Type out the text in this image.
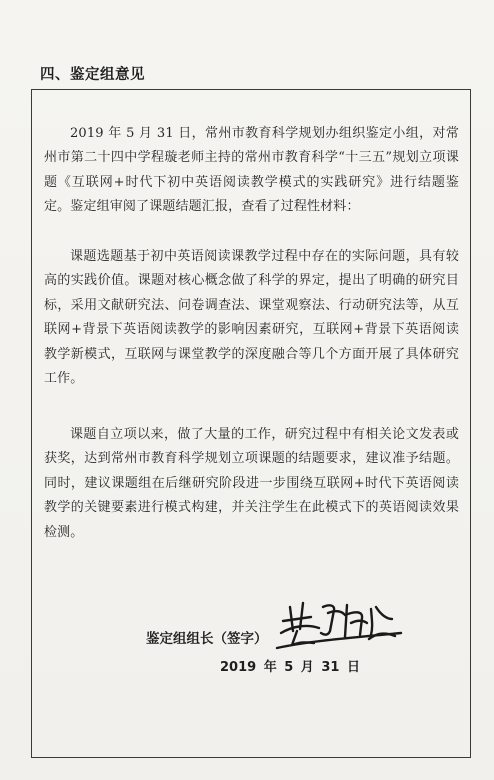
四、鉴定组意见

2019 年 5 月 31 日，常州市教育科学规划办组织鉴定小组，对常州市第二十四中学程璇老师主持的常州市教育科学“十三五”规划立项课题《互联网+时代下初中英语阅读教学模式的实践研究》进行结题鉴定。鉴定组审阅了课题结题汇报，查看了过程性材料：

课题选题基于初中英语阅读课教学过程中存在的实际问题，具有较高的实践价值。课题对核心概念做了科学的界定，提出了明确的研究目标，采用文献研究法、问卷调查法、课堂观察法、行动研究法等，从互联网+背景下英语阅读教学的影响因素研究，互联网+背景下英语阅读教学新模式，互联网与课堂教学的深度融合等几个方面开展了具体研究工作。

课题自立项以来，做了大量的工作，研究过程中有相关论文发表或获奖，达到常州市教育科学规划立项课题的结题要求，建议准予结题。同时，建议课题组在后继研究阶段进一步围绕互联网+时代下英语阅读教学的关键要素进行模式构建，并关注学生在此模式下的英语阅读效果检测。

鉴定组组长（签字）
2019 年 5 月 31 日
